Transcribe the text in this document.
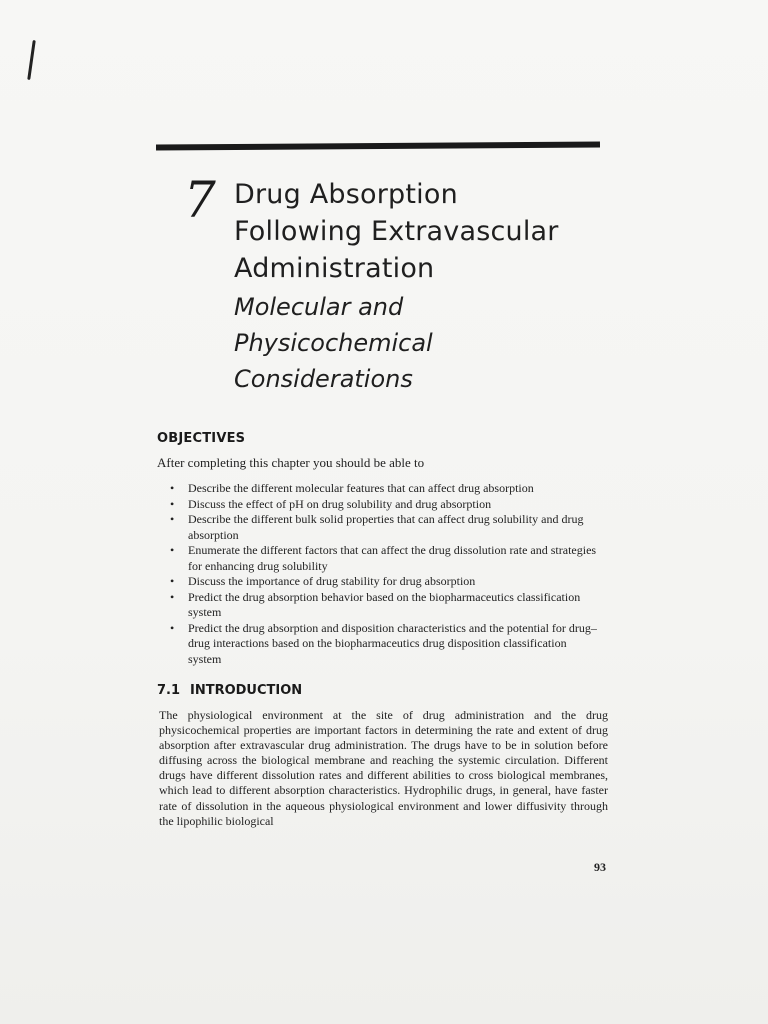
7 Drug Absorption
Following Extravascular
Administration
Molecular and
Physicochemical
Considerations
OBJECTIVES
After completing this chapter you should be able to
• Describe the different molecular features that can affect drug absorption
• Discuss the effect of pH on drug solubility and drug absorption
• Describe the different bulk solid properties that can affect drug solubility and drug absorption
• Enumerate the different factors that can affect the drug dissolution rate and strategies for enhancing drug solubility
• Discuss the importance of drug stability for drug absorption
• Predict the drug absorption behavior based on the biopharmaceutics classification system
• Predict the drug absorption and disposition characteristics and the potential for drug–drug interactions based on the biopharmaceutics drug disposition classification system
7.1 INTRODUCTION

The physiological environment at the site of drug administration and the drug physicochemical properties are important factors in determining the rate and extent of drug absorption after extravascular drug administration. The drugs have to be in solution before diffusing across the biological membrane and reaching the systemic circulation. Different drugs have different dissolution rates and different abilities to cross biological membranes, which lead to different absorption characteristics. Hydrophilic drugs, in general, have faster rate of dissolution in the aqueous physiological environment and lower diffusivity through the lipophilic biological

93
